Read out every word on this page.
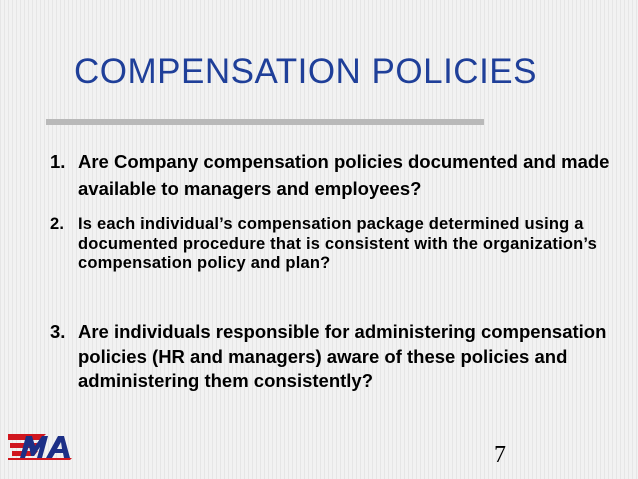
COMPENSATION POLICIES
1. Are Company compensation policies documented and made available to managers and employees?
2. Is each individual’s compensation package determined using a documented procedure that is consistent with the organization’s compensation policy and plan?
3. Are individuals responsible for administering compensation policies (HR and managers) aware of these policies and administering them consistently?
7
